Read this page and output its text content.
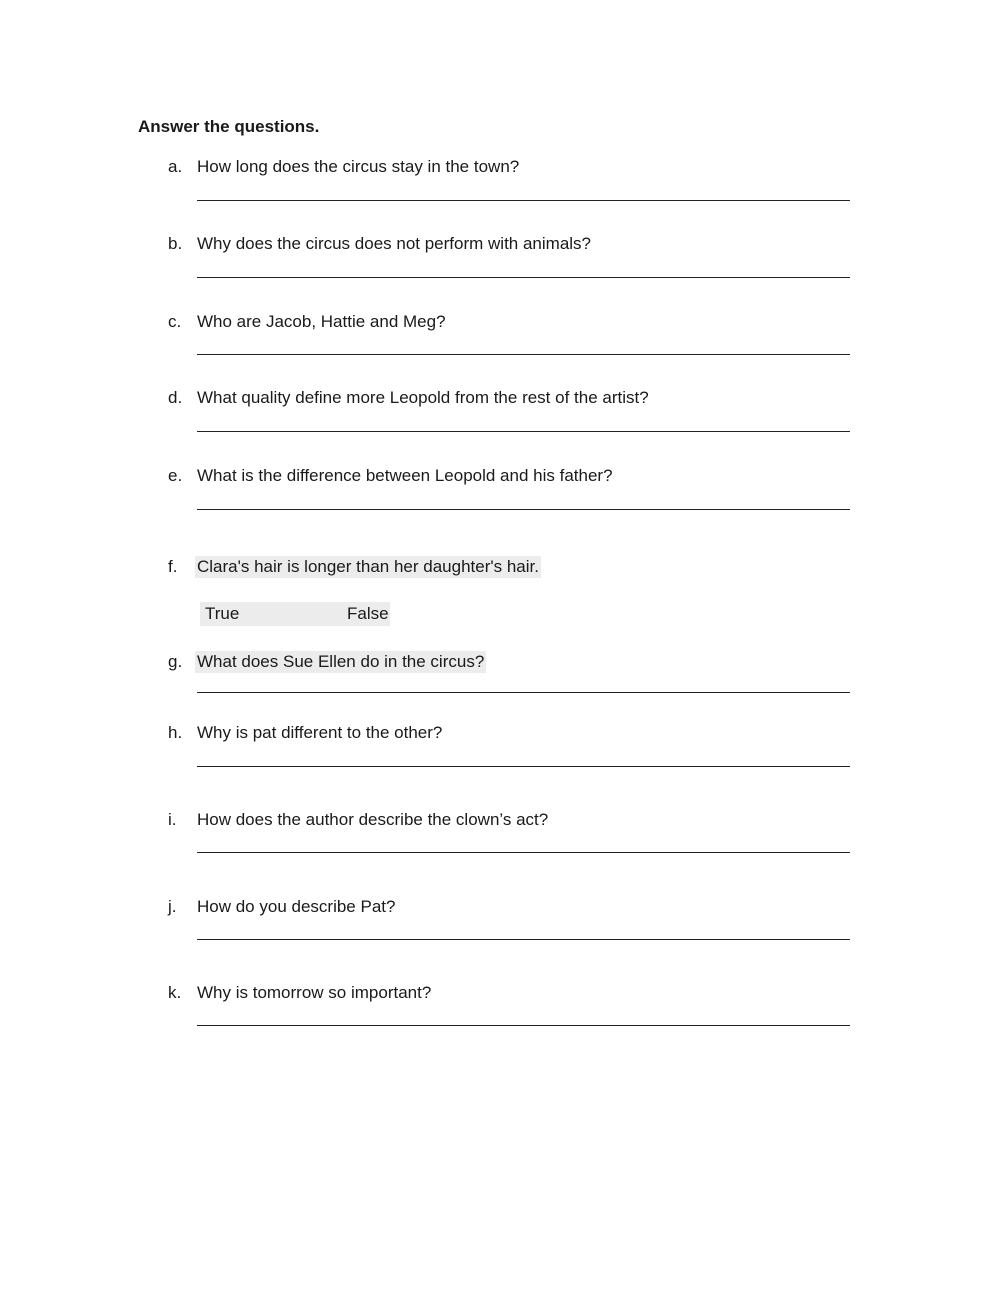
Answer the questions.
a. How long does the circus stay in the town?
b. Why does the circus does not perform with animals?
c. Who are Jacob, Hattie and Meg?
d. What quality define more Leopold from the rest of the artist?
e. What is the difference between Leopold and his father?
f. Clara's hair is longer than her daughter's hair.
True	False
g. What does Sue Ellen do in the circus?
h. Why is pat different to the other?
i. How does the author describe the clown’s act?
j. How do you describe Pat?
k. Why is tomorrow so important?
